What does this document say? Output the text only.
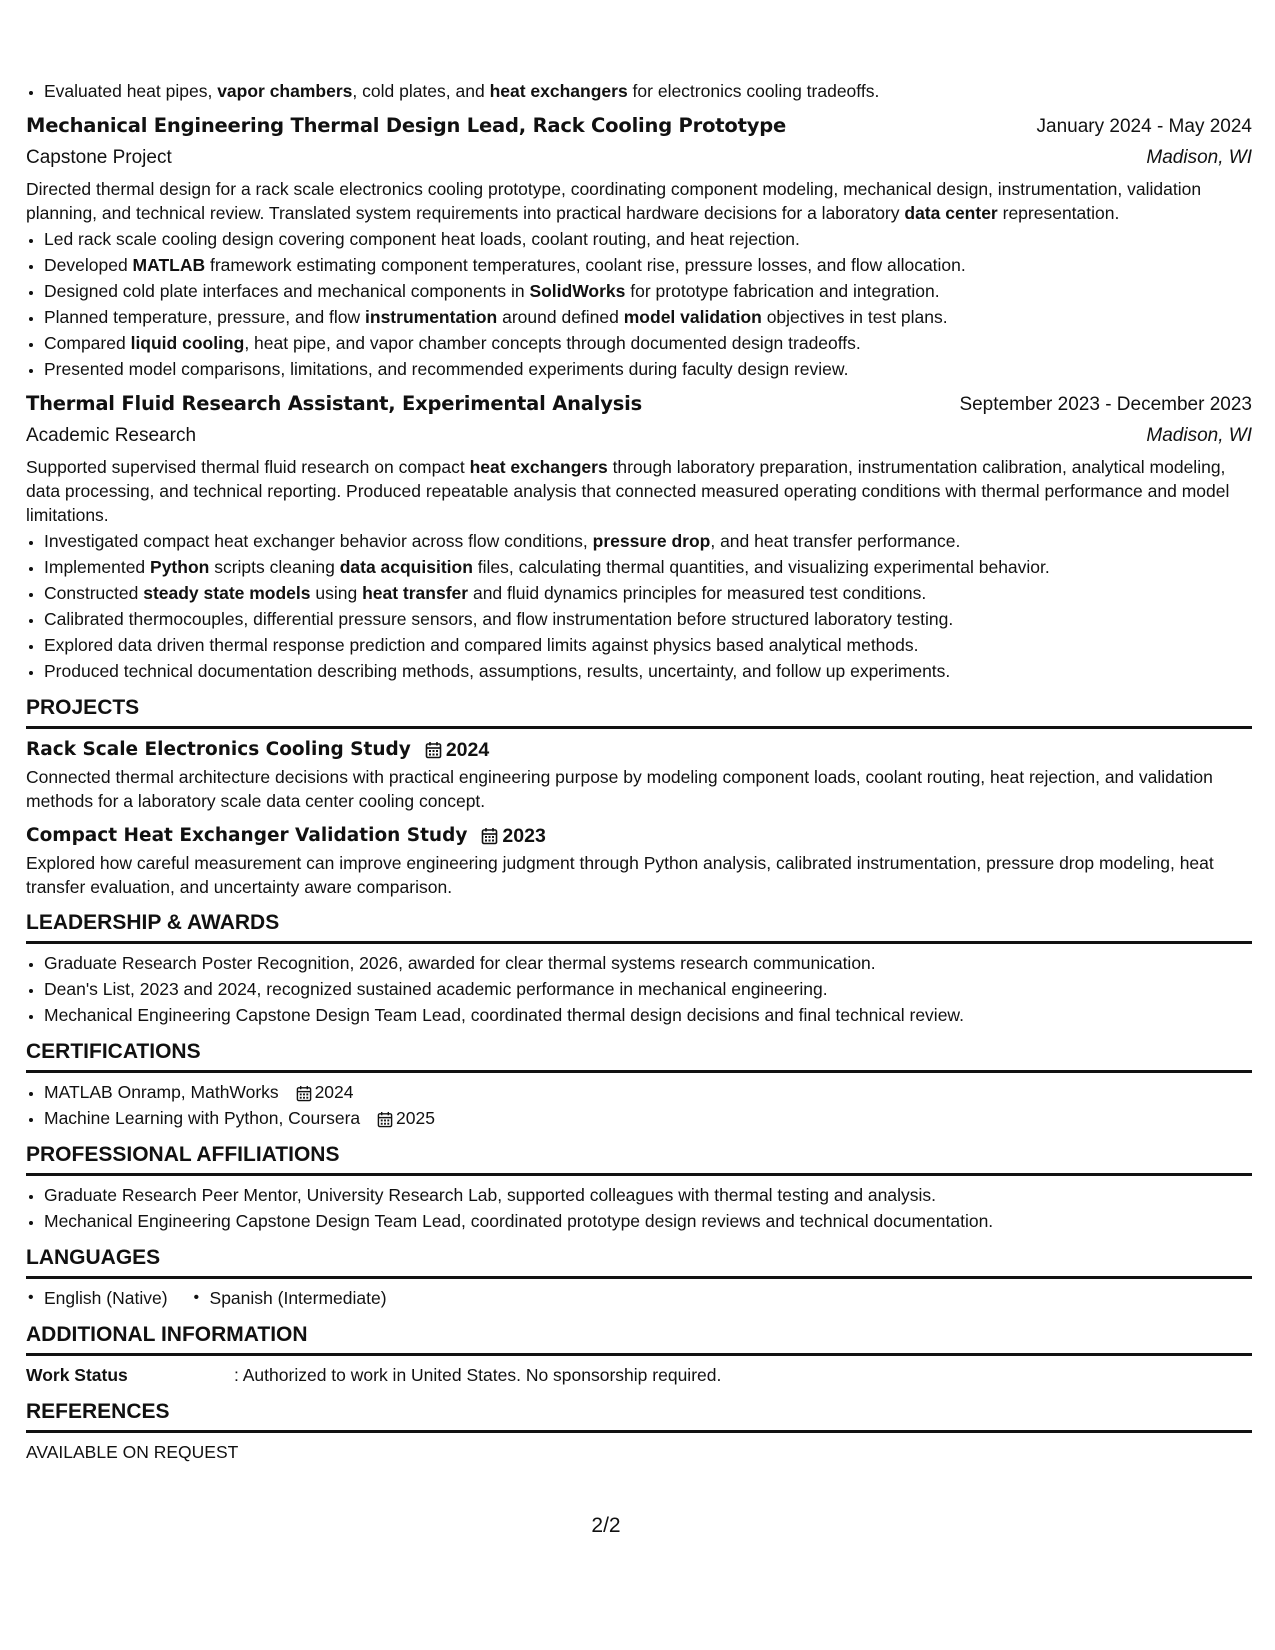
• Evaluated heat pipes, vapor chambers, cold plates, and heat exchangers for electronics cooling tradeoffs.
Mechanical Engineering Thermal Design Lead, Rack Cooling Prototype	January 2024 - May 2024
Capstone Project	Madison, WI
Directed thermal design for a rack scale electronics cooling prototype, coordinating component modeling, mechanical design, instrumentation, validation planning, and technical review. Translated system requirements into practical hardware decisions for a laboratory data center representation.
• Led rack scale cooling design covering component heat loads, coolant routing, and heat rejection.
• Developed MATLAB framework estimating component temperatures, coolant rise, pressure losses, and flow allocation.
• Designed cold plate interfaces and mechanical components in SolidWorks for prototype fabrication and integration.
• Planned temperature, pressure, and flow instrumentation around defined model validation objectives in test plans.
• Compared liquid cooling, heat pipe, and vapor chamber concepts through documented design tradeoffs.
• Presented model comparisons, limitations, and recommended experiments during faculty design review.
Thermal Fluid Research Assistant, Experimental Analysis	September 2023 - December 2023
Academic Research	Madison, WI
Supported supervised thermal fluid research on compact heat exchangers through laboratory preparation, instrumentation calibration, analytical modeling, data processing, and technical reporting. Produced repeatable analysis that connected measured operating conditions with thermal performance and model limitations.
• Investigated compact heat exchanger behavior across flow conditions, pressure drop, and heat transfer performance.
• Implemented Python scripts cleaning data acquisition files, calculating thermal quantities, and visualizing experimental behavior.
• Constructed steady state models using heat transfer and fluid dynamics principles for measured test conditions.
• Calibrated thermocouples, differential pressure sensors, and flow instrumentation before structured laboratory testing.
• Explored data driven thermal response prediction and compared limits against physics based analytical methods.
• Produced technical documentation describing methods, assumptions, results, uncertainty, and follow up experiments.
PROJECTS
Rack Scale Electronics Cooling Study 2024
Connected thermal architecture decisions with practical engineering purpose by modeling component loads, coolant routing, heat rejection, and validation methods for a laboratory scale data center cooling concept.
Compact Heat Exchanger Validation Study 2023
Explored how careful measurement can improve engineering judgment through Python analysis, calibrated instrumentation, pressure drop modeling, heat transfer evaluation, and uncertainty aware comparison.
LEADERSHIP & AWARDS
• Graduate Research Poster Recognition, 2026, awarded for clear thermal systems research communication.
• Dean's List, 2023 and 2024, recognized sustained academic performance in mechanical engineering.
• Mechanical Engineering Capstone Design Team Lead, coordinated thermal design decisions and final technical review.
CERTIFICATIONS
• MATLAB Onramp, MathWorks 2024
• Machine Learning with Python, Coursera 2025
PROFESSIONAL AFFILIATIONS
• Graduate Research Peer Mentor, University Research Lab, supported colleagues with thermal testing and analysis.
• Mechanical Engineering Capstone Design Team Lead, coordinated prototype design reviews and technical documentation.
LANGUAGES
• English (Native)
•	Spanish (Intermediate)
ADDITIONAL INFORMATION
Work Status	: Authorized to work in United States. No sponsorship required.
REFERENCES
AVAILABLE ON REQUEST
2/2
